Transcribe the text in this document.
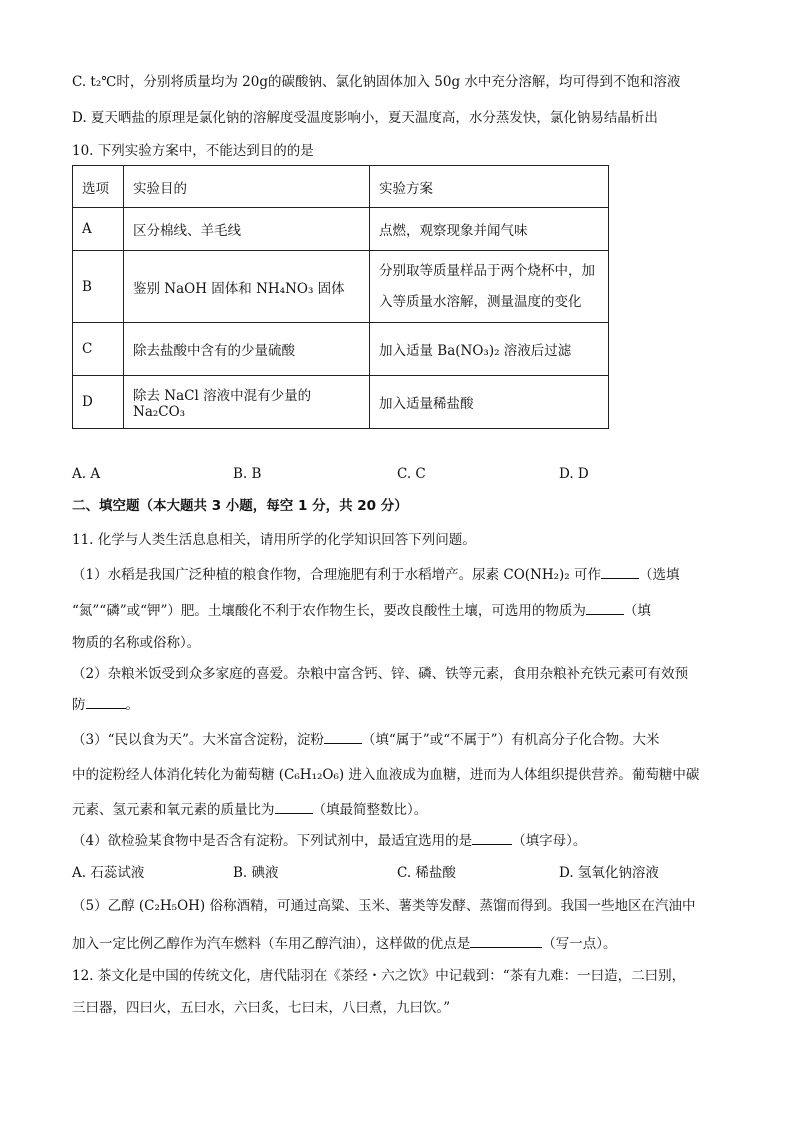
C. t₂℃时，分别将质量均为 20g的碳酸钠、氯化钠固体加入 50g 水中充分溶解，均可得到不饱和溶液
D. 夏天晒盐的原理是氯化钠的溶解度受温度影响小，夏天温度高，水分蒸发快，氯化钠易结晶析出
10. 下列实验方案中，不能达到目的的是
选项	实验目的	实验方案
A	区分棉线、羊毛线	点燃，观察现象并闻气味
B	鉴别 NaOH 固体和 NH₄NO₃ 固体	分别取等质量样品于两个烧杯中，加入等质量水溶解，测量温度的变化
C	除去盐酸中含有的少量硫酸	加入适量 Ba(NO₃)₂ 溶液后过滤
D	除去 NaCl 溶液中混有少量的 Na₂CO₃	加入适量稀盐酸
A. A	B. B	C. C	D. D
二、填空题（本大题共 3 小题，每空 1 分，共 20 分）
11. 化学与人类生活息息相关，请用所学的化学知识回答下列问题。
（1）水稻是我国广泛种植的粮食作物，合理施肥有利于水稻增产。尿素 CO(NH₂)₂ 可作	（选填
“氮”“磷”或“钾”）肥。土壤酸化不利于农作物生长，要改良酸性土壤，可选用的物质为	（填
物质的名称或俗称）。
（2）杂粮米饭受到众多家庭的喜爱。杂粮中富含钙、锌、磷、铁等元素，食用杂粮补充铁元素可有效预
防	。
（3）“民以食为天”。大米富含淀粉，淀粉	（填“属于”或“不属于”）有机高分子化合物。大米
中的淀粉经人体消化转化为葡萄糖 (C₆H₁₂O₆) 进入血液成为血糖，进而为人体组织提供营养。葡萄糖中碳
元素、氢元素和氧元素的质量比为	（填最简整数比）。
（4）欲检验某食物中是否含有淀粉。下列试剂中，最适宜选用的是	（填字母）。
A. 石蕊试液	B. 碘液	C. 稀盐酸	D. 氢氧化钠溶液
（5）乙醇 (C₂H₅OH) 俗称酒精，可通过高粱、玉米、薯类等发酵、蒸馏而得到。我国一些地区在汽油中
加入一定比例乙醇作为汽车燃料（车用乙醇汽油），这样做的优点是	（写一点）。
12. 茶文化是中国的传统文化，唐代陆羽在《茶经・六之饮》中记载到：“茶有九难：一曰造，二曰别，
三曰器，四曰火，五曰水，六曰炙，七曰末，八曰煮，九曰饮。”
